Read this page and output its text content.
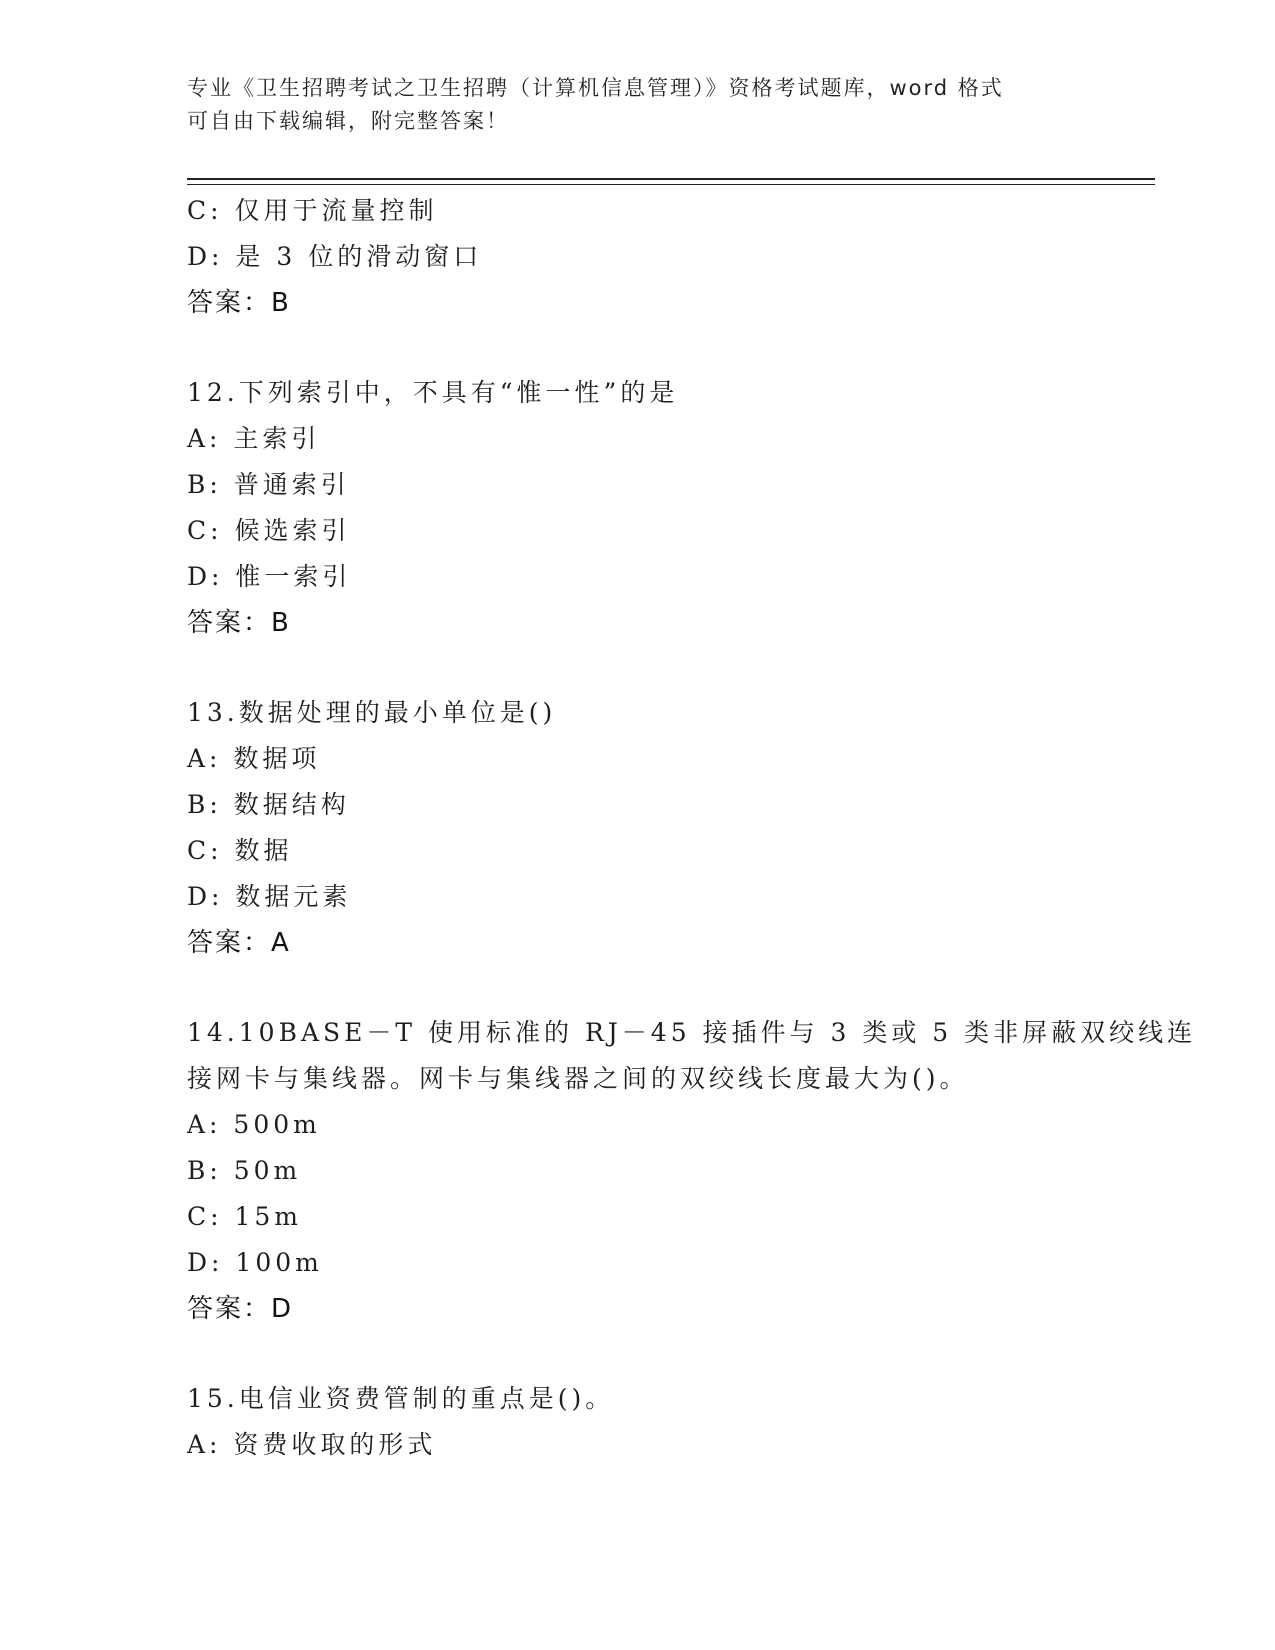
专业《卫生招聘考试之卫生招聘（计算机信息管理）》资格考试题库，word 格式
可自由下载编辑，附完整答案！
C: 仅用于流量控制
D: 是 3 位的滑动窗口
答案：B
12.下列索引中，不具有“惟一性”的是
A: 主索引
B: 普通索引
C: 候选索引
D: 惟一索引
答案：B
13.数据处理的最小单位是()
A: 数据项
B: 数据结构
C: 数据
D: 数据元素
答案：A
14.10BASE－T 使用标准的 RJ－45 接插件与 3 类或 5 类非屏蔽双绞线连
接网卡与集线器。网卡与集线器之间的双绞线长度最大为()。
A: 500m
B: 50m
C: 15m
D: 100m
答案：D
15.电信业资费管制的重点是()。
A: 资费收取的形式
